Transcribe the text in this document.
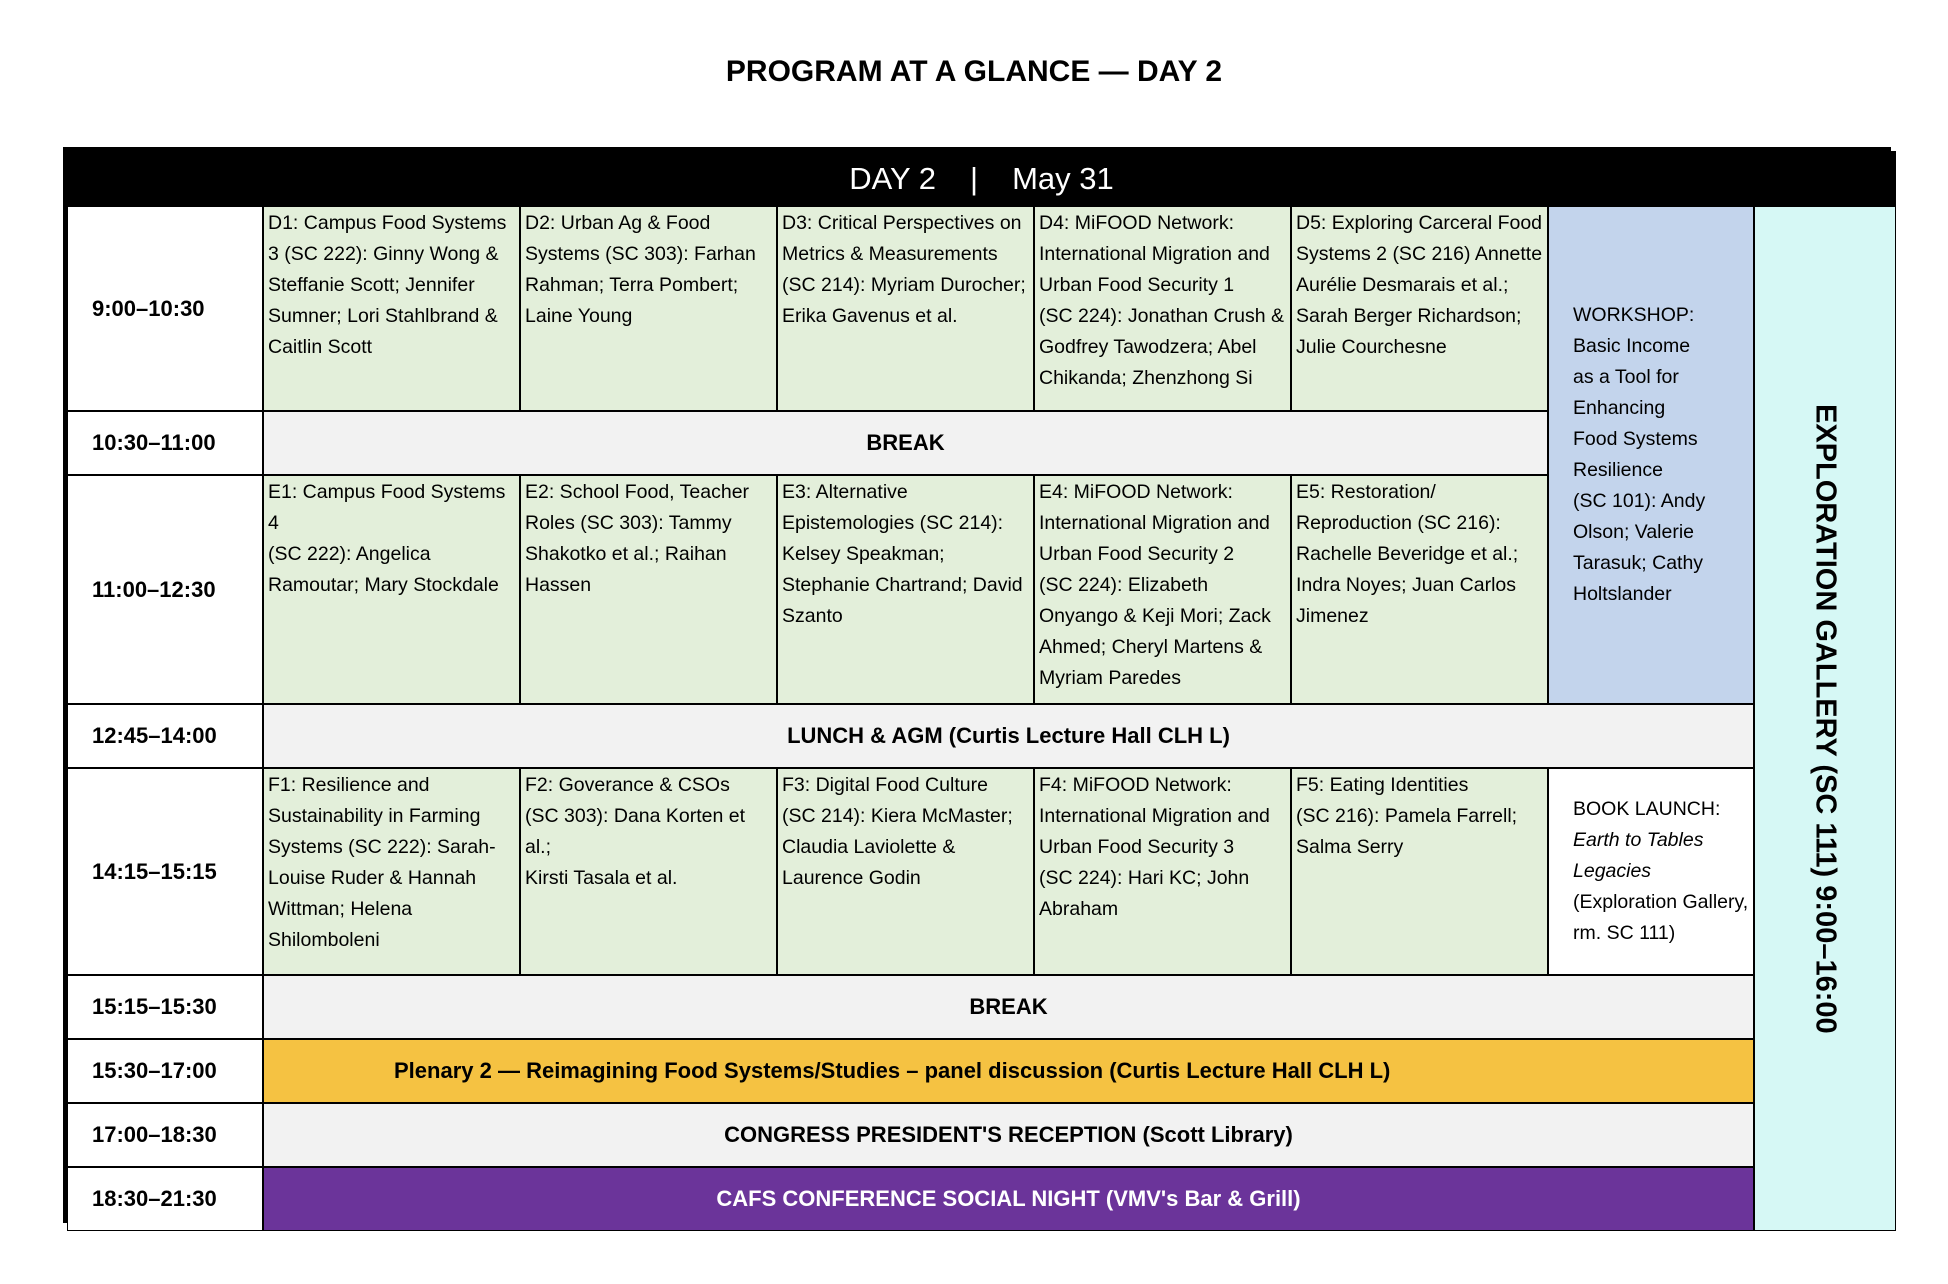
PROGRAM AT A GLANCE — DAY 2
DAY 2 | May 31
9:00–10:30
10:30–11:00
11:00–12:30
12:45–14:00
14:15–15:15
15:15–15:30
15:30–17:00
17:00–18:30
18:30–21:30
D1: Campus Food Systems
3 (SC 222): Ginny Wong &
Steffanie Scott; Jennifer
Sumner; Lori Stahlbrand &
Caitlin Scott
D2: Urban Ag & Food
Systems (SC 303): Farhan
Rahman; Terra Pombert;
Laine Young
D3: Critical Perspectives on
Metrics & Measurements
(SC 214): Myriam Durocher;
Erika Gavenus et al.
D4: MiFOOD Network:
International Migration and
Urban Food Security 1
(SC 224): Jonathan Crush &
Godfrey Tawodzera; Abel
Chikanda; Zhenzhong Si
D5: Exploring Carceral Food
Systems 2 (SC 216) Annette
Aurélie Desmarais et al.;
Sarah Berger Richardson;
Julie Courchesne
WORKSHOP:
Basic Income
as a Tool for
Enhancing
Food Systems
Resilience
(SC 101): Andy
Olson; Valerie
Tarasuk; Cathy
Holtslander	EXPLORATION GALLERY (SC 111) 9:00–16:00
BREAK
E1: Campus Food Systems 4
(SC 222): Angelica
Ramoutar; Mary Stockdale
E2: School Food, Teacher
Roles (SC 303): Tammy
Shakotko et al.; Raihan
Hassen
E3: Alternative
Epistemologies (SC 214):
Kelsey Speakman;
Stephanie Chartrand; David
Szanto
E4: MiFOOD Network:
International Migration and
Urban Food Security 2
(SC 224): Elizabeth
Onyango & Keji Mori; Zack
Ahmed; Cheryl Martens &
Myriam Paredes
E5: Restoration/
Reproduction (SC 216):
Rachelle Beveridge et al.;
Indra Noyes; Juan Carlos
Jimenez
LUNCH & AGM (Curtis Lecture Hall CLH L)
F1: Resilience and
Sustainability in Farming
Systems (SC 222): Sarah-
Louise Ruder & Hannah
Wittman; Helena
Shilomboleni
F2: Goverance & CSOs
(SC 303): Dana Korten et al.;
Kirsti Tasala et al.
F3: Digital Food Culture
(SC 214): Kiera McMaster;
Claudia Laviolette &
Laurence Godin
F4: MiFOOD Network:
International Migration and
Urban Food Security 3
(SC 224): Hari KC; John
Abraham
F5: Eating Identities
(SC 216): Pamela Farrell;
Salma Serry
BOOK LAUNCH:
Earth to Tables
Legacies
(Exploration Gallery,
rm. SC 111)
BREAK
Plenary 2 — Reimagining Food Systems/Studies – panel discussion (Curtis Lecture Hall CLH L)
CONGRESS PRESIDENT'S RECEPTION (Scott Library)
CAFS CONFERENCE SOCIAL NIGHT (VMV's Bar & Grill)
